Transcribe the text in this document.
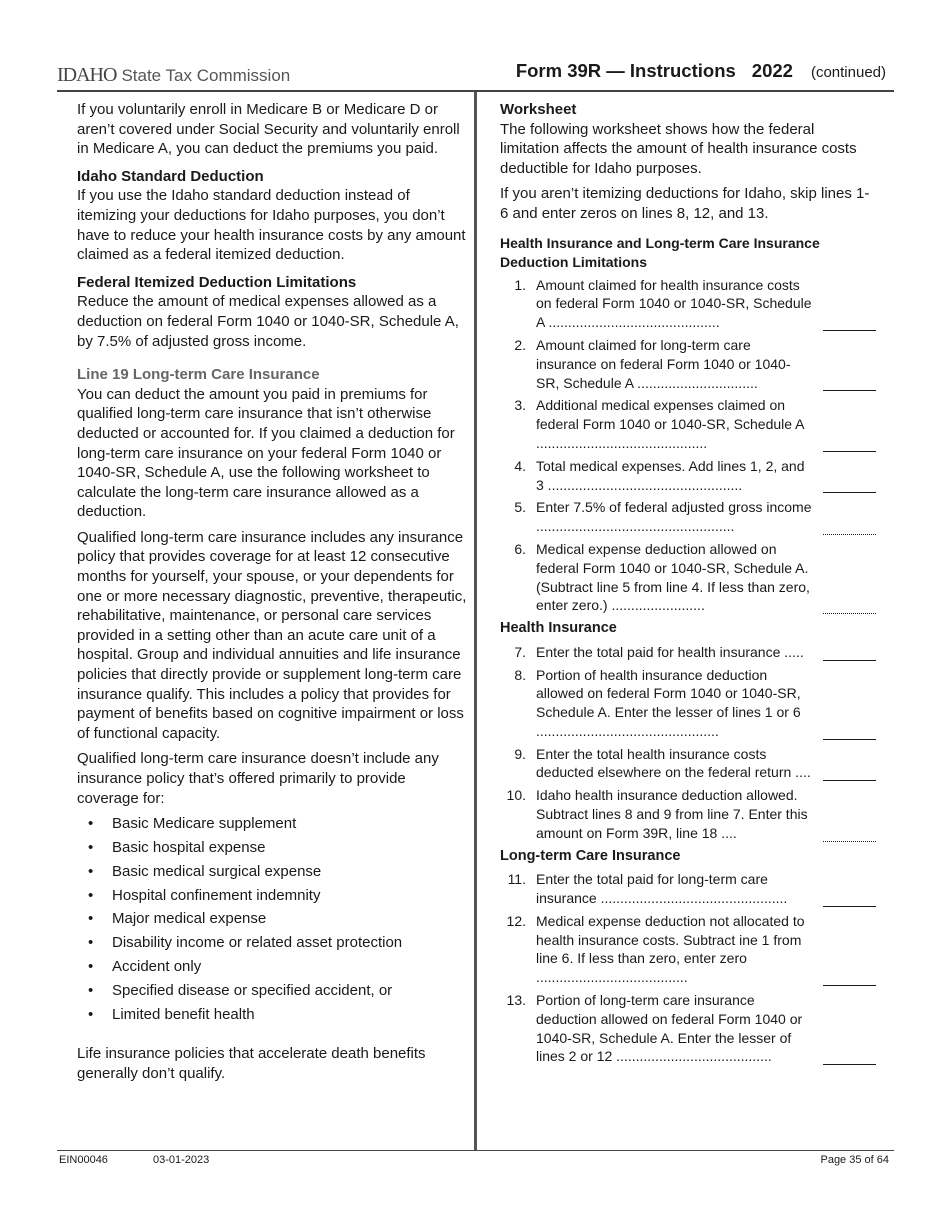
IDAHO State Tax Commission	Form 39R — Instructions 2022 (continued)

If you voluntarily enroll in Medicare B or Medicare D or aren’t covered under Social Security and voluntarily enroll in Medicare A, you can deduct the premiums you paid.

Idaho Standard Deduction

If you use the Idaho standard deduction instead of itemizing your deductions for Idaho purposes, you don’t have to reduce your health insurance costs by any amount claimed as a federal itemized deduction.

Federal Itemized Deduction Limitations

Reduce the amount of medical expenses allowed as a deduction on federal Form 1040 or 1040-SR, Schedule A, by 7.5% of adjusted gross income.

Line 19 Long-term Care Insurance

You can deduct the amount you paid in premiums for qualified long-term care insurance that isn’t otherwise deducted or accounted for. If you claimed a deduction for long-term care insurance on your federal Form 1040 or 1040-SR, Schedule A, use the following worksheet to calculate the long-term care insurance allowed as a deduction.

Qualified long-term care insurance includes any insurance policy that provides coverage for at least 12 consecutive months for yourself, your spouse, or your dependents for one or more necessary diagnostic, preventive, therapeutic, rehabilitative, maintenance, or personal care services provided in a setting other than an acute care unit of a hospital. Group and individual annuities and life insurance policies that directly provide or supplement long-term care insurance qualify. This includes a policy that provides for payment of benefits based on cognitive impairment or loss of functional capacity.

Qualified long-term care insurance doesn’t include any insurance policy that’s offered primarily to provide coverage for:

• Basic Medicare supplement
• Basic hospital expense
• Basic medical surgical expense
• Hospital confinement indemnity
• Major medical expense
• Disability income or related asset protection
• Accident only
• Specified disease or specified accident, or
• Limited benefit health

Life insurance policies that accelerate death benefits generally don’t qualify.

Worksheet

The following worksheet shows how the federal limitation affects the amount of health insurance costs deductible for Idaho purposes.

If you aren’t itemizing deductions for Idaho, skip lines 1-6 and enter zeros on lines 8, 12, and 13.

Health Insurance and Long-term Care Insurance Deduction Limitations

1. Amount claimed for health insurance costs on federal Form 1040 or 1040-SR, Schedule A ............................................
2. Amount claimed for long-term care insurance on federal Form 1040 or 1040-SR, Schedule A ...............................
3. Additional medical expenses claimed on federal Form 1040 or 1040-SR, Schedule A ............................................
4. Total medical expenses. Add lines 1, 2, and 3 ..................................................
5. Enter 7.5% of federal adjusted gross income ...................................................
6. Medical expense deduction allowed on federal Form 1040 or 1040-SR, Schedule A. (Subtract line 5 from line 4. If less than zero, enter zero.) ........................

Health Insurance

7. Enter the total paid for health insurance .....
8. Portion of health insurance deduction allowed on federal Form 1040 or 1040-SR, Schedule A. Enter the lesser of lines 1 or 6 ...............................................
9. Enter the total health insurance costs deducted elsewhere on the federal return ....
10. Idaho health insurance deduction allowed. Subtract lines 8 and 9 from line 7. Enter this amount on Form 39R, line 18 ....

Long-term Care Insurance

11. Enter the total paid for long-term care insurance ................................................
12. Medical expense deduction not allocated to health insurance costs. Subtract ine 1 from line 6. If less than zero, enter zero .......................................
13. Portion of long-term care insurance deduction allowed on federal Form 1040 or 1040-SR, Schedule A. Enter the lesser of lines 2 or 12 ........................................
EIN00046	03-01-2023	Page 35 of 64
